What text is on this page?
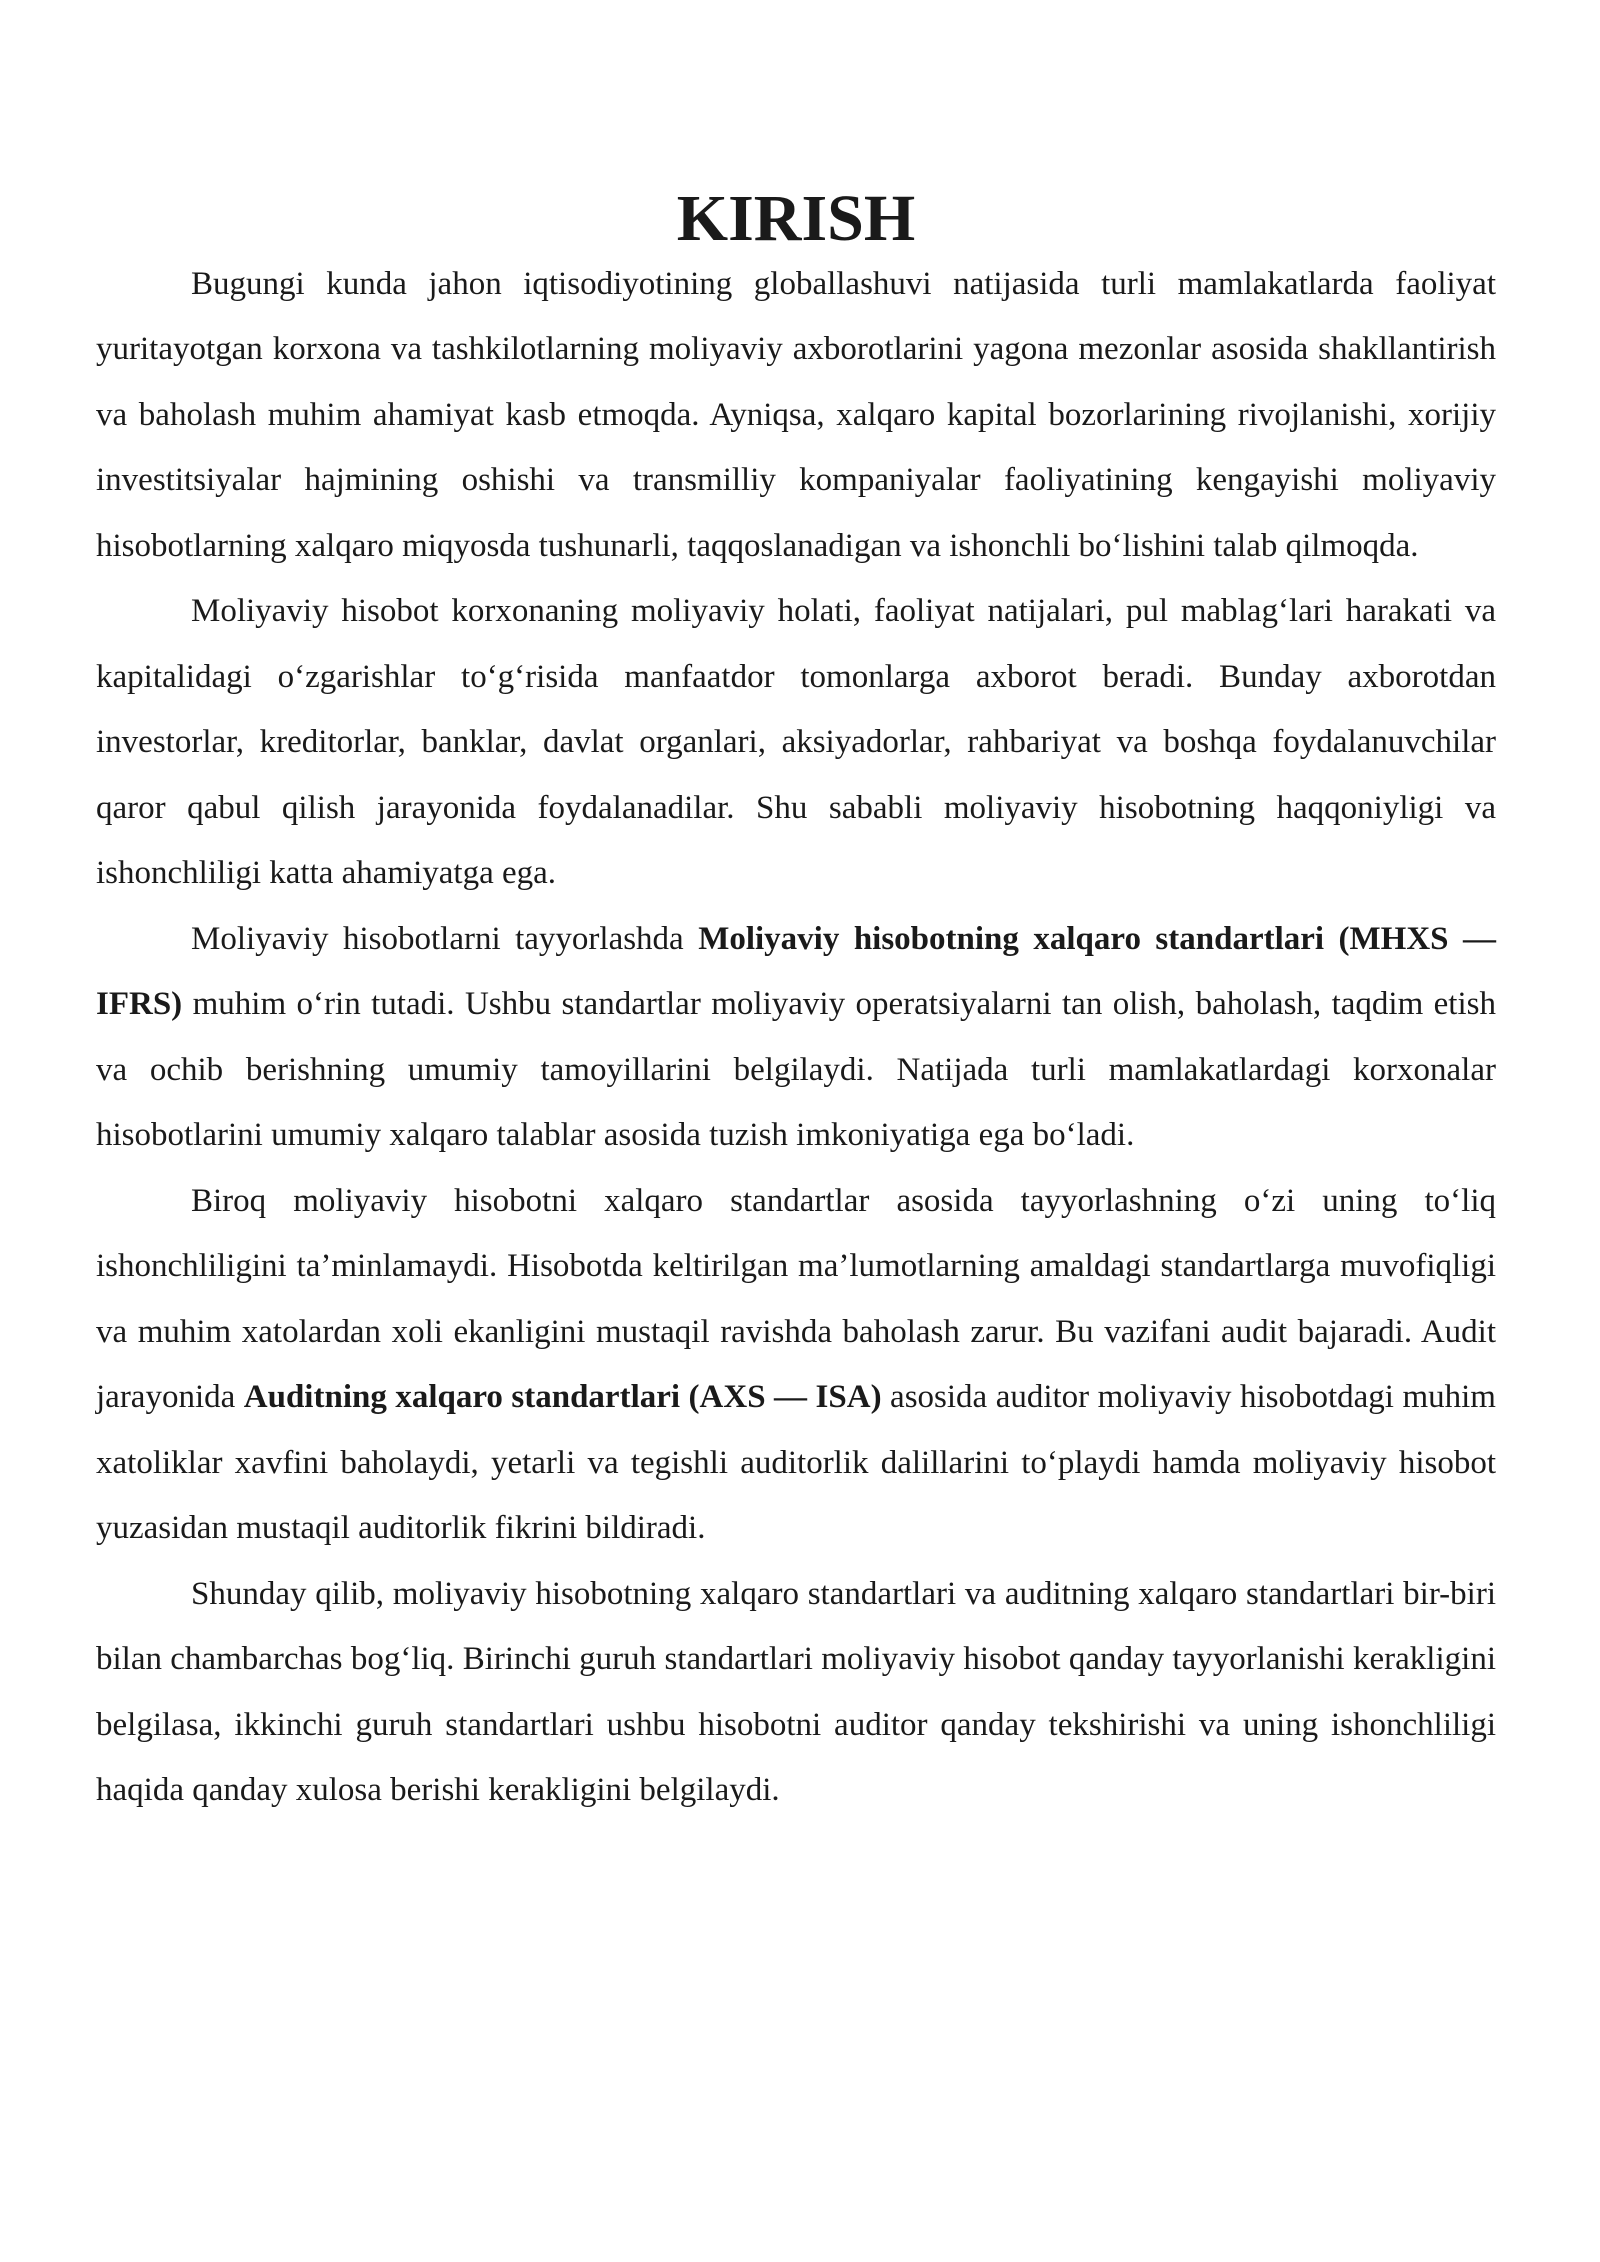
KIRISH

Bugungi kunda jahon iqtisodiyotining globallashuvi natijasida turli mamlakatlarda faoliyat yuritayotgan korxona va tashkilotlarning moliyaviy axborotlarini yagona mezonlar asosida shakllantirish va baholash muhim ahamiyat kasb etmoqda. Ayniqsa, xalqaro kapital bozorlarining rivojlanishi, xorijiy investitsiyalar hajmining oshishi va transmilliy kompaniyalar faoliyatining kengayishi moliyaviy hisobotlarning xalqaro miqyosda tushunarli, taqqoslanadigan va ishonchli bo‘lishini talab qilmoqda.

Moliyaviy hisobot korxonaning moliyaviy holati, faoliyat natijalari, pul mablag‘lari harakati va kapitalidagi o‘zgarishlar to‘g‘risida manfaatdor tomonlarga axborot beradi. Bunday axborotdan investorlar, kreditorlar, banklar, davlat organlari, aksiyadorlar, rahbariyat va boshqa foydalanuvchilar qaror qabul qilish jarayonida foydalanadilar. Shu sababli moliyaviy hisobotning haqqoniyligi va ishonchliligi katta ahamiyatga ega.

Moliyaviy hisobotlarni tayyorlashda Moliyaviy hisobotning xalqaro standartlari (MHXS — IFRS) muhim o‘rin tutadi. Ushbu standartlar moliyaviy operatsiyalarni tan olish, baholash, taqdim etish va ochib berishning umumiy tamoyillarini belgilaydi. Natijada turli mamlakatlardagi korxonalar hisobotlarini umumiy xalqaro talablar asosida tuzish imkoniyatiga ega bo‘ladi.

Biroq moliyaviy hisobotni xalqaro standartlar asosida tayyorlashning o‘zi uning to‘liq ishonchliligini ta’minlamaydi. Hisobotda keltirilgan ma’lumotlarning amaldagi standartlarga muvofiqligi va muhim xatolardan xoli ekanligini mustaqil ravishda baholash zarur. Bu vazifani audit bajaradi. Audit jarayonida Auditning xalqaro standartlari (AXS — ISA) asosida auditor moliyaviy hisobotdagi muhim xatoliklar xavfini baholaydi, yetarli va tegishli auditorlik dalillarini to‘playdi hamda moliyaviy hisobot yuzasidan mustaqil auditorlik fikrini bildiradi.

Shunday qilib, moliyaviy hisobotning xalqaro standartlari va auditning xalqaro standartlari bir-biri bilan chambarchas bog‘liq. Birinchi guruh standartlari moliyaviy hisobot qanday tayyorlanishi kerakligini belgilasa, ikkinchi guruh standartlari ushbu hisobotni auditor qanday tekshirishi va uning ishonchliligi haqida qanday xulosa berishi kerakligini belgilaydi.
